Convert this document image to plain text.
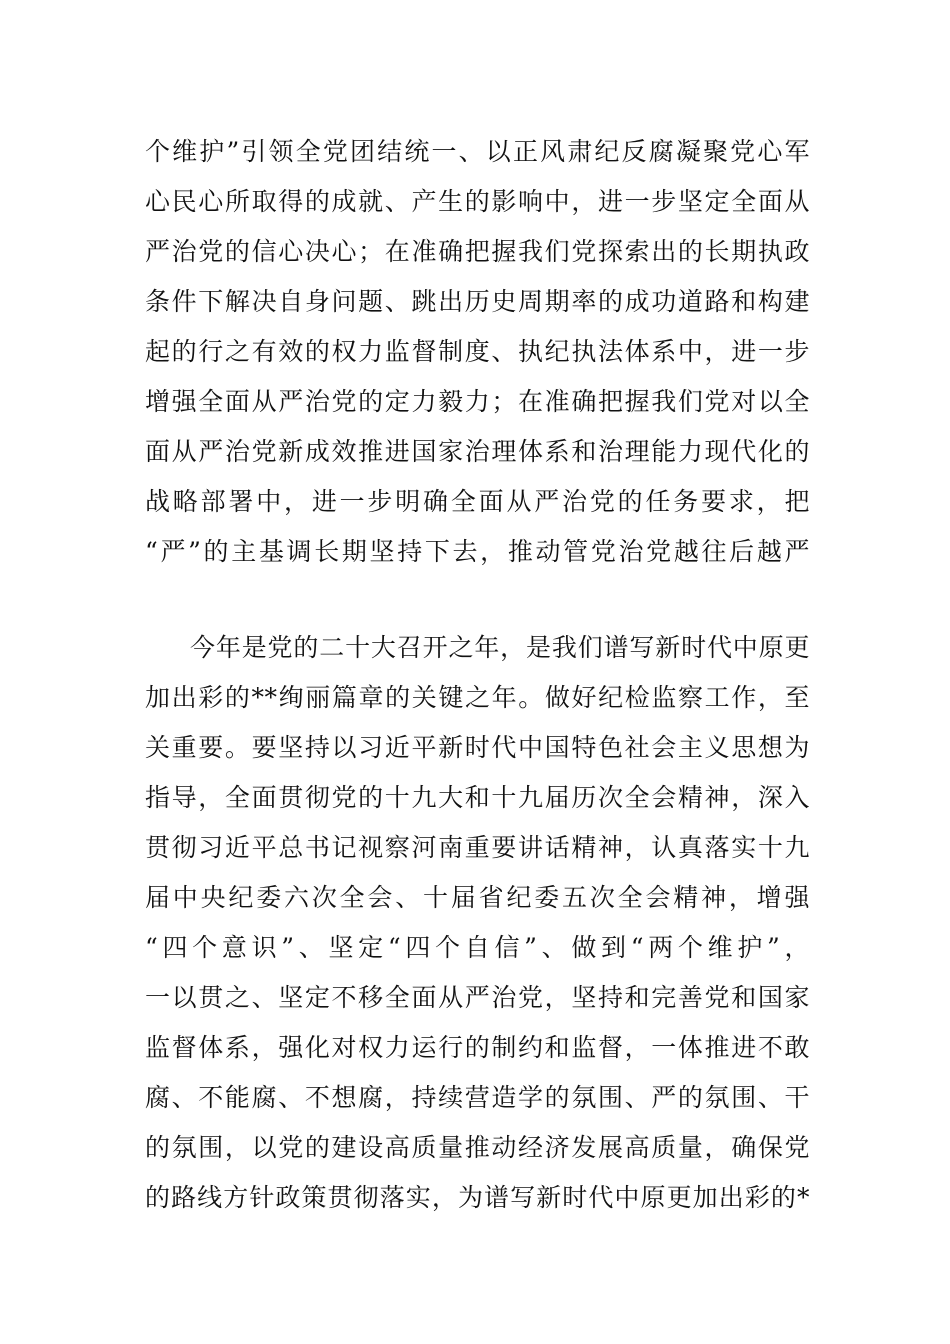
个维护”引领全党团结统一、以正风肃纪反腐凝聚党心军
心民心所取得的成就、产生的影响中，进一步坚定全面从
严治党的信心决心；在准确把握我们党探索出的长期执政
条件下解决自身问题、跳出历史周期率的成功道路和构建
起的行之有效的权力监督制度、执纪执法体系中，进一步
增强全面从严治党的定力毅力；在准确把握我们党对以全
面从严治党新成效推进国家治理体系和治理能力现代化的
战略部署中，进一步明确全面从严治党的任务要求，把
“严”的主基调长期坚持下去，推动管党治党越往后越严
今年是党的二十大召开之年，是我们谱写新时代中原更
加出彩的**绚丽篇章的关键之年。做好纪检监察工作，至
关重要。要坚持以习近平新时代中国特色社会主义思想为
指导，全面贯彻党的十九大和十九届历次全会精神，深入
贯彻习近平总书记视察河南重要讲话精神，认真落实十九
届中央纪委六次全会、十届省纪委五次全会精神，增强
“四个意识”、坚定“四个自信”、做到“两个维护”，
一以贯之、坚定不移全面从严治党，坚持和完善党和国家
监督体系，强化对权力运行的制约和监督，一体推进不敢
腐、不能腐、不想腐，持续营造学的氛围、严的氛围、干
的氛围，以党的建设高质量推动经济发展高质量，确保党
的路线方针政策贯彻落实，为谱写新时代中原更加出彩的*
